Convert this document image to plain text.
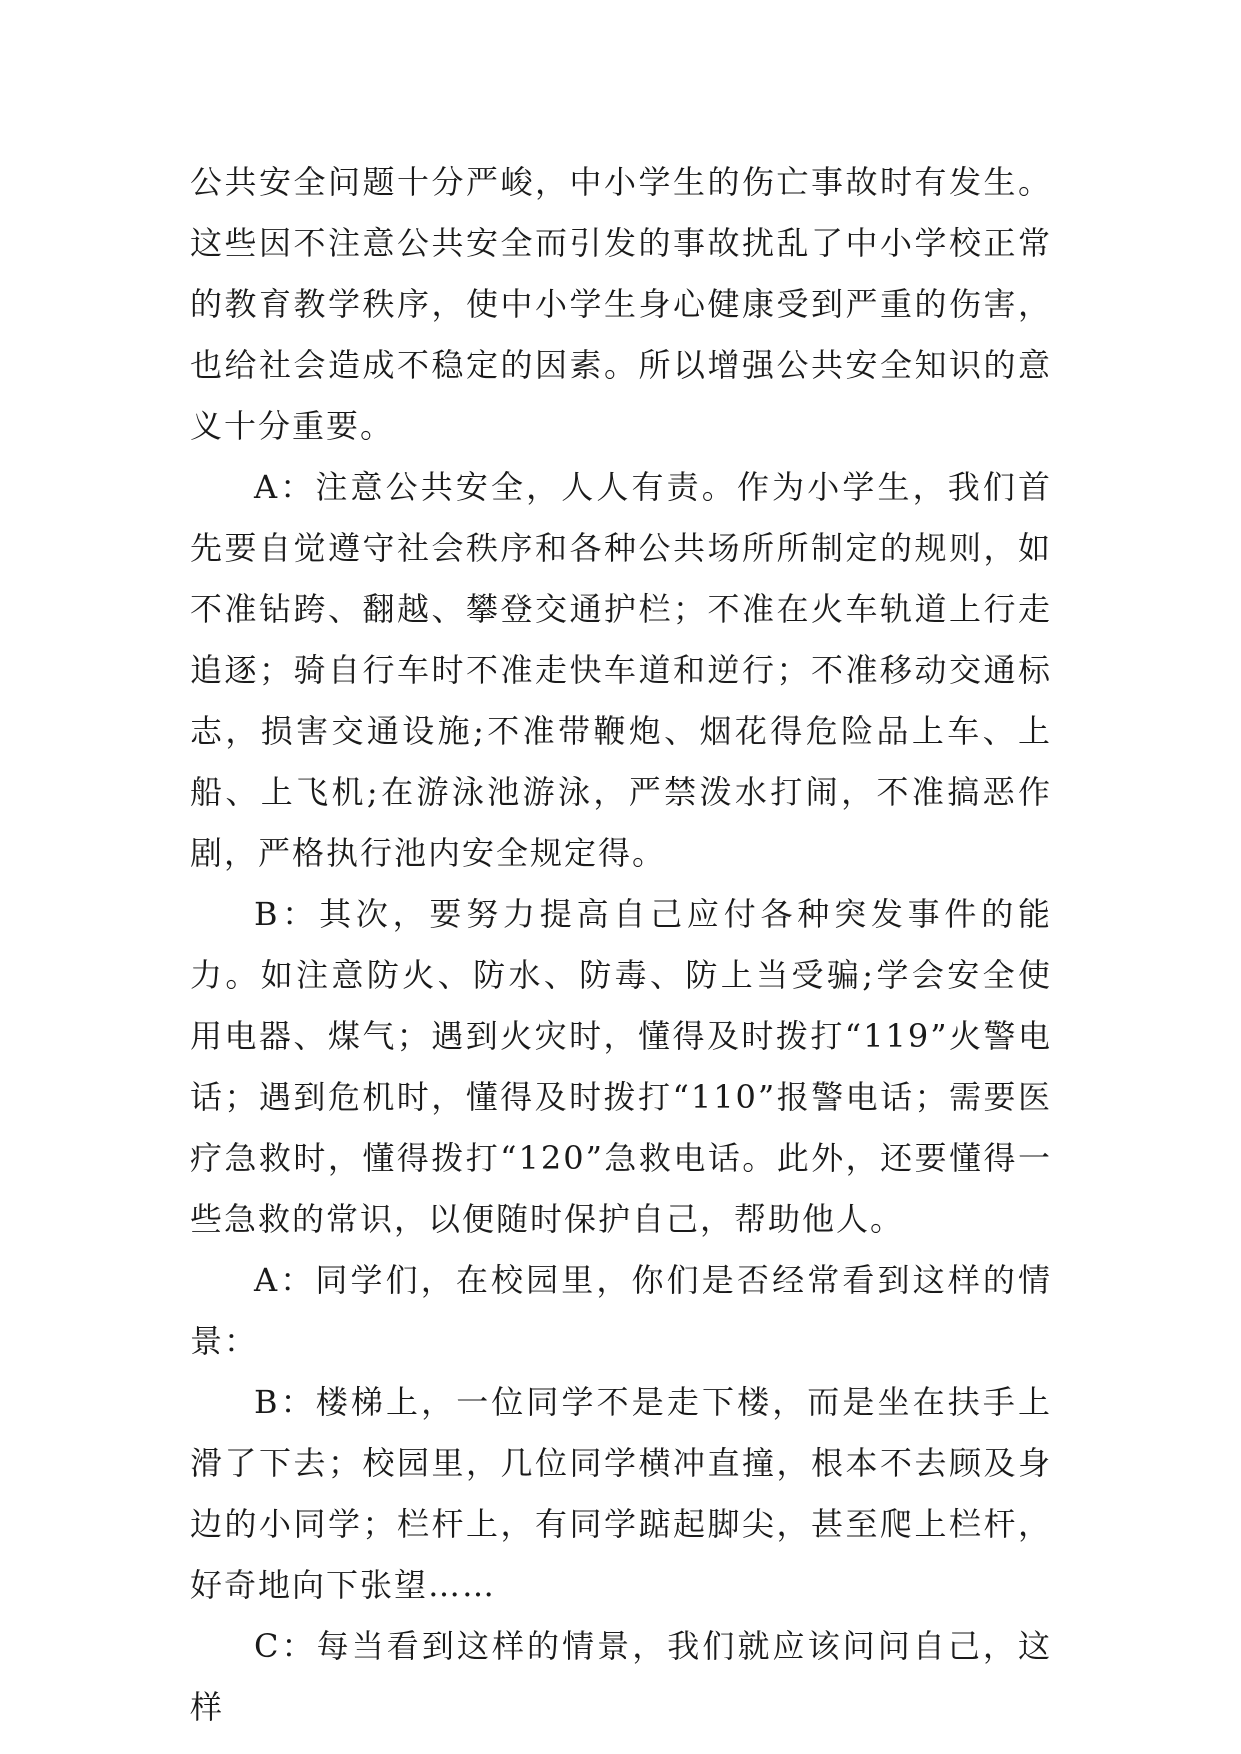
公共安全问题十分严峻，中小学生的伤亡事故时有发生。这些因不注意公共安全而引发的事故扰乱了中小学校正常的教育教学秩序，使中小学生身心健康受到严重的伤害，也给社会造成不稳定的因素。所以增强公共安全知识的意义十分重要。

A：注意公共安全，人人有责。作为小学生，我们首先要自觉遵守社会秩序和各种公共场所所制定的规则，如不准钻跨、翻越、攀登交通护栏；不准在火车轨道上行走追逐；骑自行车时不准走快车道和逆行；不准移动交通标志，损害交通设施;不准带鞭炮、烟花得危险品上车、上船、上飞机;在游泳池游泳，严禁泼水打闹，不准搞恶作剧，严格执行池内安全规定得。

B：其次，要努力提高自己应付各种突发事件的能力。如注意防火、防水、防毒、防上当受骗;学会安全使用电器、煤气；遇到火灾时，懂得及时拨打“119”火警电话；遇到危机时，懂得及时拨打“110”报警电话；需要医疗急救时，懂得拨打“120”急救电话。此外，还要懂得一些急救的常识，以便随时保护自己，帮助他人。

A：同学们，在校园里，你们是否经常看到这样的情景：

B：楼梯上，一位同学不是走下楼，而是坐在扶手上滑了下去；校园里，几位同学横冲直撞，根本不去顾及身边的小同学；栏杆上，有同学踮起脚尖，甚至爬上栏杆，好奇地向下张望……

C：每当看到这样的情景，我们就应该问问自己，这样
